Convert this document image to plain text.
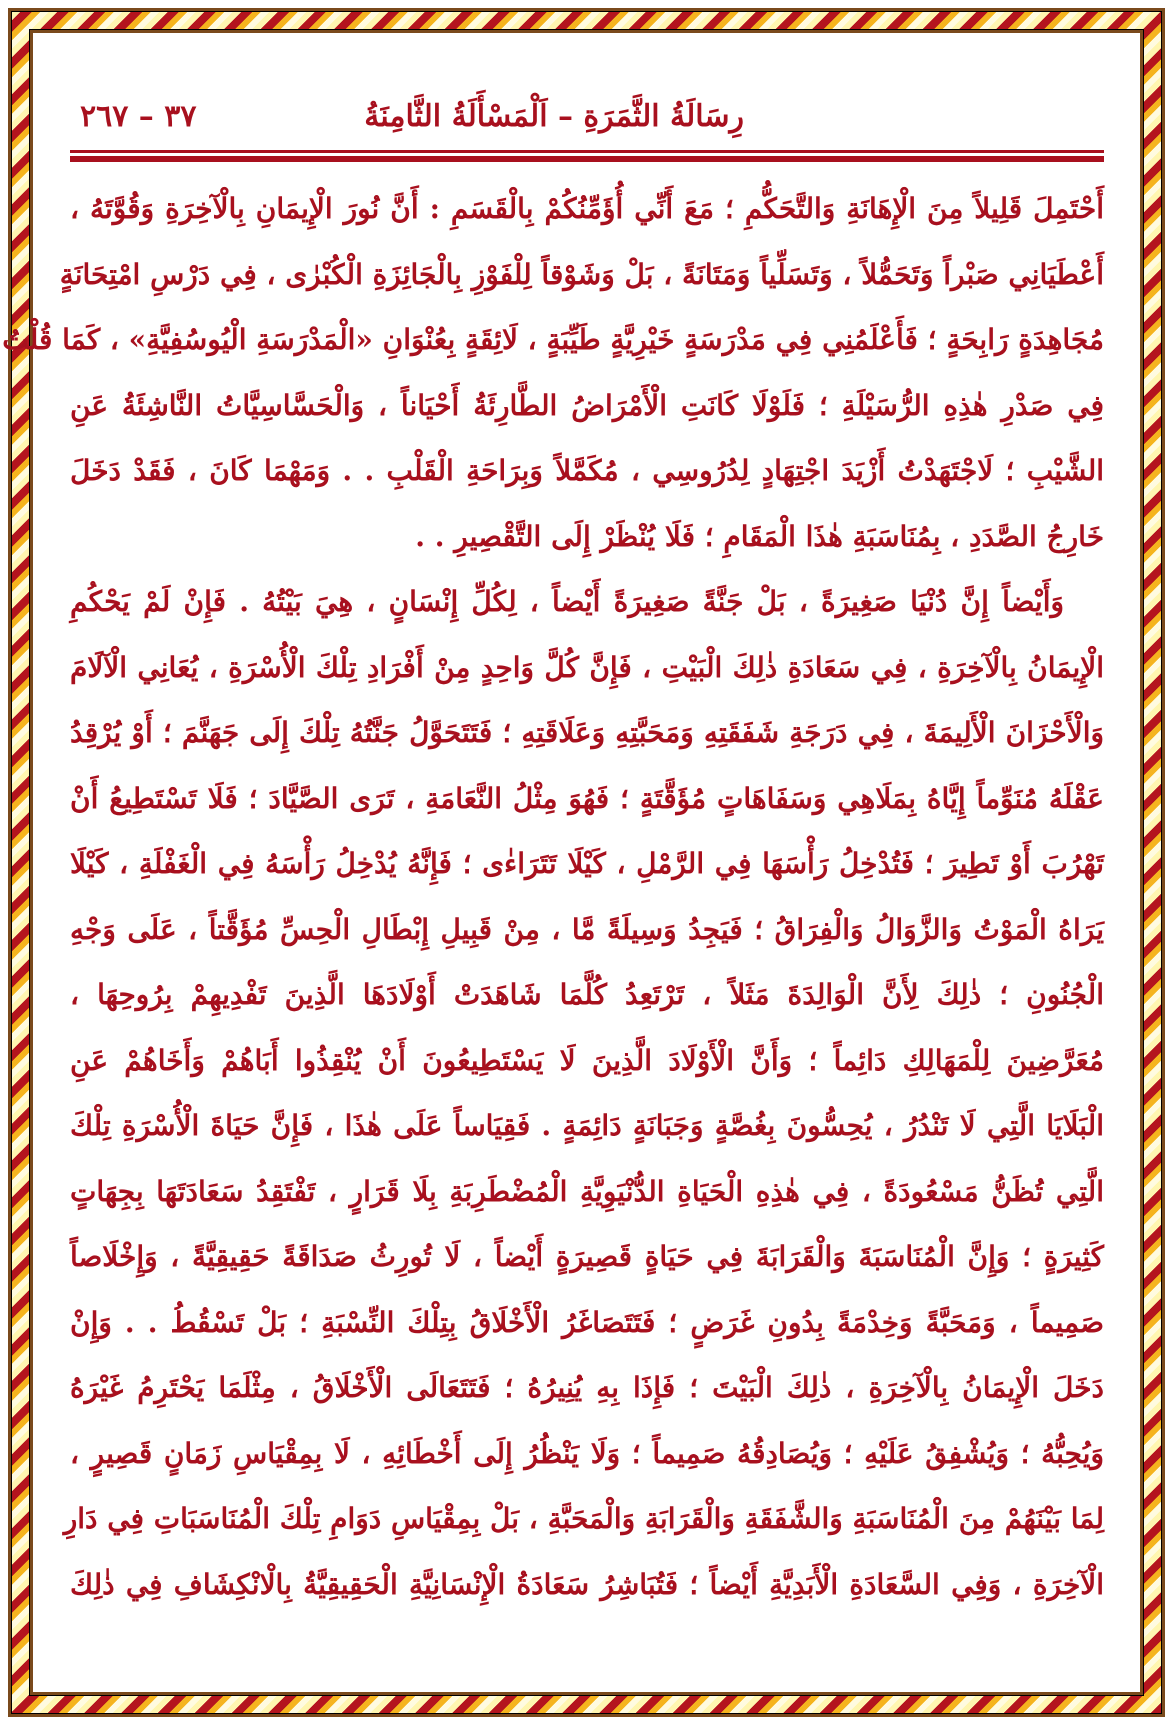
رِسَالَةُ الثَّمَرَةِ – اَلْمَسْأَلَةُ الثَّامِنَةُ
٣٧ – ٢٦٧

أَحْتَمِلَ قَلِيلاً مِنَ الْإِهَانَةِ وَالتَّحَكُّمِ ؛ مَعَ أَنِّي أُؤَمِّنُكُمْ بِالْقَسَمِ : أَنَّ نُورَ الْإِيمَانِ بِالْآخِرَةِ وَقُوَّتَهُ ،
أَعْطَيَانِي صَبْراً وَتَحَمُّلاً ، وَتَسَلِّياً وَمَتَانَةً ، بَلْ وَشَوْقاً لِلْفَوْزِ بِالْجَائِزَةِ الْكُبْرٰى ، فِي دَرْسِ امْتِحَانَةٍ
مُجَاهِدَةٍ رَابِحَةٍ ؛ فَأَعْلَمُنِي فِي مَدْرَسَةٍ خَيْرِيَّةٍ طَيِّبَةٍ ، لَائِقَةٍ بِعُنْوَانِ «الْمَدْرَسَةِ الْيُوسُفِيَّةِ» ، كَمَا قُلْتُ
فِي صَدْرِ هٰذِهِ الرُّسَيْلَةِ ؛ فَلَوْلَا كَانَتِ الْأَمْرَاضُ الطَّارِئَةُ أَحْيَاناً ، وَالْحَسَّاسِيَّاتُ النَّاشِئَةُ عَنِ
الشَّيْبِ ؛ لَاجْتَهَدْتُ أَزْيَدَ اجْتِهَادٍ لِدُرُوسِي ، مُكَمَّلاً وَبِرَاحَةِ الْقَلْبِ . . وَمَهْمَا كَانَ ، فَقَدْ دَخَلَ
خَارِجُ الصَّدَدِ ، بِمُنَاسَبَةِ هٰذَا الْمَقَامِ ؛ فَلَا يُنْظَرْ إِلَى التَّقْصِيرِ . .

وَأَيْضاً إِنَّ دُنْيَا صَغِيرَةً ، بَلْ جَنَّةً صَغِيرَةً أَيْضاً ، لِكُلِّ إِنْسَانٍ ، هِيَ بَيْتُهُ . فَإِنْ لَمْ يَحْكُمِ
الْإِيمَانُ بِالْآخِرَةِ ، فِي سَعَادَةِ ذٰلِكَ الْبَيْتِ ، فَإِنَّ كُلَّ وَاحِدٍ مِنْ أَفْرَادِ تِلْكَ الْأُسْرَةِ ، يُعَانِي الْآلَامَ
وَالْأَحْزَانَ الْأَلِيمَةَ ، فِي دَرَجَةِ شَفَقَتِهِ وَمَحَبَّتِهِ وَعَلَاقَتِهِ ؛ فَتَتَحَوَّلُ جَنَّتُهُ تِلْكَ إِلَى جَهَنَّمَ ؛ أَوْ يُرْقِدُ
عَقْلَهُ مُنَوِّماً إِيَّاهُ بِمَلَاهِي وَسَفَاهَاتٍ مُؤَقَّتَةٍ ؛ فَهُوَ مِثْلُ النَّعَامَةِ ، تَرَى الصَّيَّادَ ؛ فَلَا تَسْتَطِيعُ أَنْ
تَهْرُبَ أَوْ تَطِيرَ ؛ فَتُدْخِلُ رَأْسَهَا فِي الرَّمْلِ ، كَيْلَا تَتَرَاءٰى ؛ فَإِنَّهُ يُدْخِلُ رَأْسَهُ فِي الْغَفْلَةِ ، كَيْلَا
يَرَاهُ الْمَوْتُ وَالزَّوَالُ وَالْفِرَاقُ ؛ فَيَجِدُ وَسِيلَةً مَّا ، مِنْ قَبِيلِ إِبْطَالِ الْحِسِّ مُؤَقَّتاً ، عَلَى وَجْهِ
الْجُنُونِ ؛ ذٰلِكَ لِأَنَّ الْوَالِدَةَ مَثَلاً ، تَرْتَعِدُ كُلَّمَا شَاهَدَتْ أَوْلَادَهَا الَّذِينَ تَفْدِيهِمْ بِرُوحِهَا ،
مُعَرَّضِينَ لِلْمَهَالِكِ دَائِماً ؛ وَأَنَّ الْأَوْلَادَ الَّذِينَ لَا يَسْتَطِيعُونَ أَنْ يُنْقِذُوا أَبَاهُمْ وَأَخَاهُمْ عَنِ
الْبَلَايَا الَّتِي لَا تَنْدُرُ ، يُحِسُّونَ بِغُصَّةٍ وَجَبَانَةٍ دَائِمَةٍ . فَقِيَاساً عَلَى هٰذَا ، فَإِنَّ حَيَاةَ الْأُسْرَةِ تِلْكَ
الَّتِي تُظَنُّ مَسْعُودَةً ، فِي هٰذِهِ الْحَيَاةِ الدُّنْيَوِيَّةِ الْمُضْطَرِبَةِ بِلَا قَرَارٍ ، تَفْتَقِدُ سَعَادَتَهَا بِجِهَاتٍ
كَثِيرَةٍ ؛ وَإِنَّ الْمُنَاسَبَةَ وَالْقَرَابَةَ فِي حَيَاةٍ قَصِيرَةٍ أَيْضاً ، لَا تُورِثُ صَدَاقَةً حَقِيقِيَّةً ، وَإِخْلَاصاً
صَمِيماً ، وَمَحَبَّةً وَخِدْمَةً بِدُونِ غَرَضٍ ؛ فَتَتَصَاغَرُ الْأَخْلَاقُ بِتِلْكَ النِّسْبَةِ ؛ بَلْ تَسْقُطُ . . وَإِنْ
دَخَلَ الْإِيمَانُ بِالْآخِرَةِ ، ذٰلِكَ الْبَيْتَ ؛ فَإِذَا بِهِ يُنِيرُهُ ؛ فَتَتَعَالَى الْأَخْلَاقُ ، مِثْلَمَا يَحْتَرِمُ غَيْرَهُ
وَيُحِبُّهُ ؛ وَيُشْفِقُ عَلَيْهِ ؛ وَيُصَادِقُهُ صَمِيماً ؛ وَلَا يَنْظُرُ إِلَى أَخْطَائِهِ ، لَا بِمِقْيَاسِ زَمَانٍ قَصِيرٍ ،
لِمَا بَيْنَهُمْ مِنَ الْمُنَاسَبَةِ وَالشَّفَقَةِ وَالْقَرَابَةِ وَالْمَحَبَّةِ ، بَلْ بِمِقْيَاسِ دَوَامِ تِلْكَ الْمُنَاسَبَاتِ فِي دَارِ
الْآخِرَةِ ، وَفِي السَّعَادَةِ الْأَبَدِيَّةِ أَيْضاً ؛ فَتُبَاشِرُ سَعَادَةُ الْإِنْسَانِيَّةِ الْحَقِيقِيَّةُ بِالْانْكِشَافِ فِي ذٰلِكَ
